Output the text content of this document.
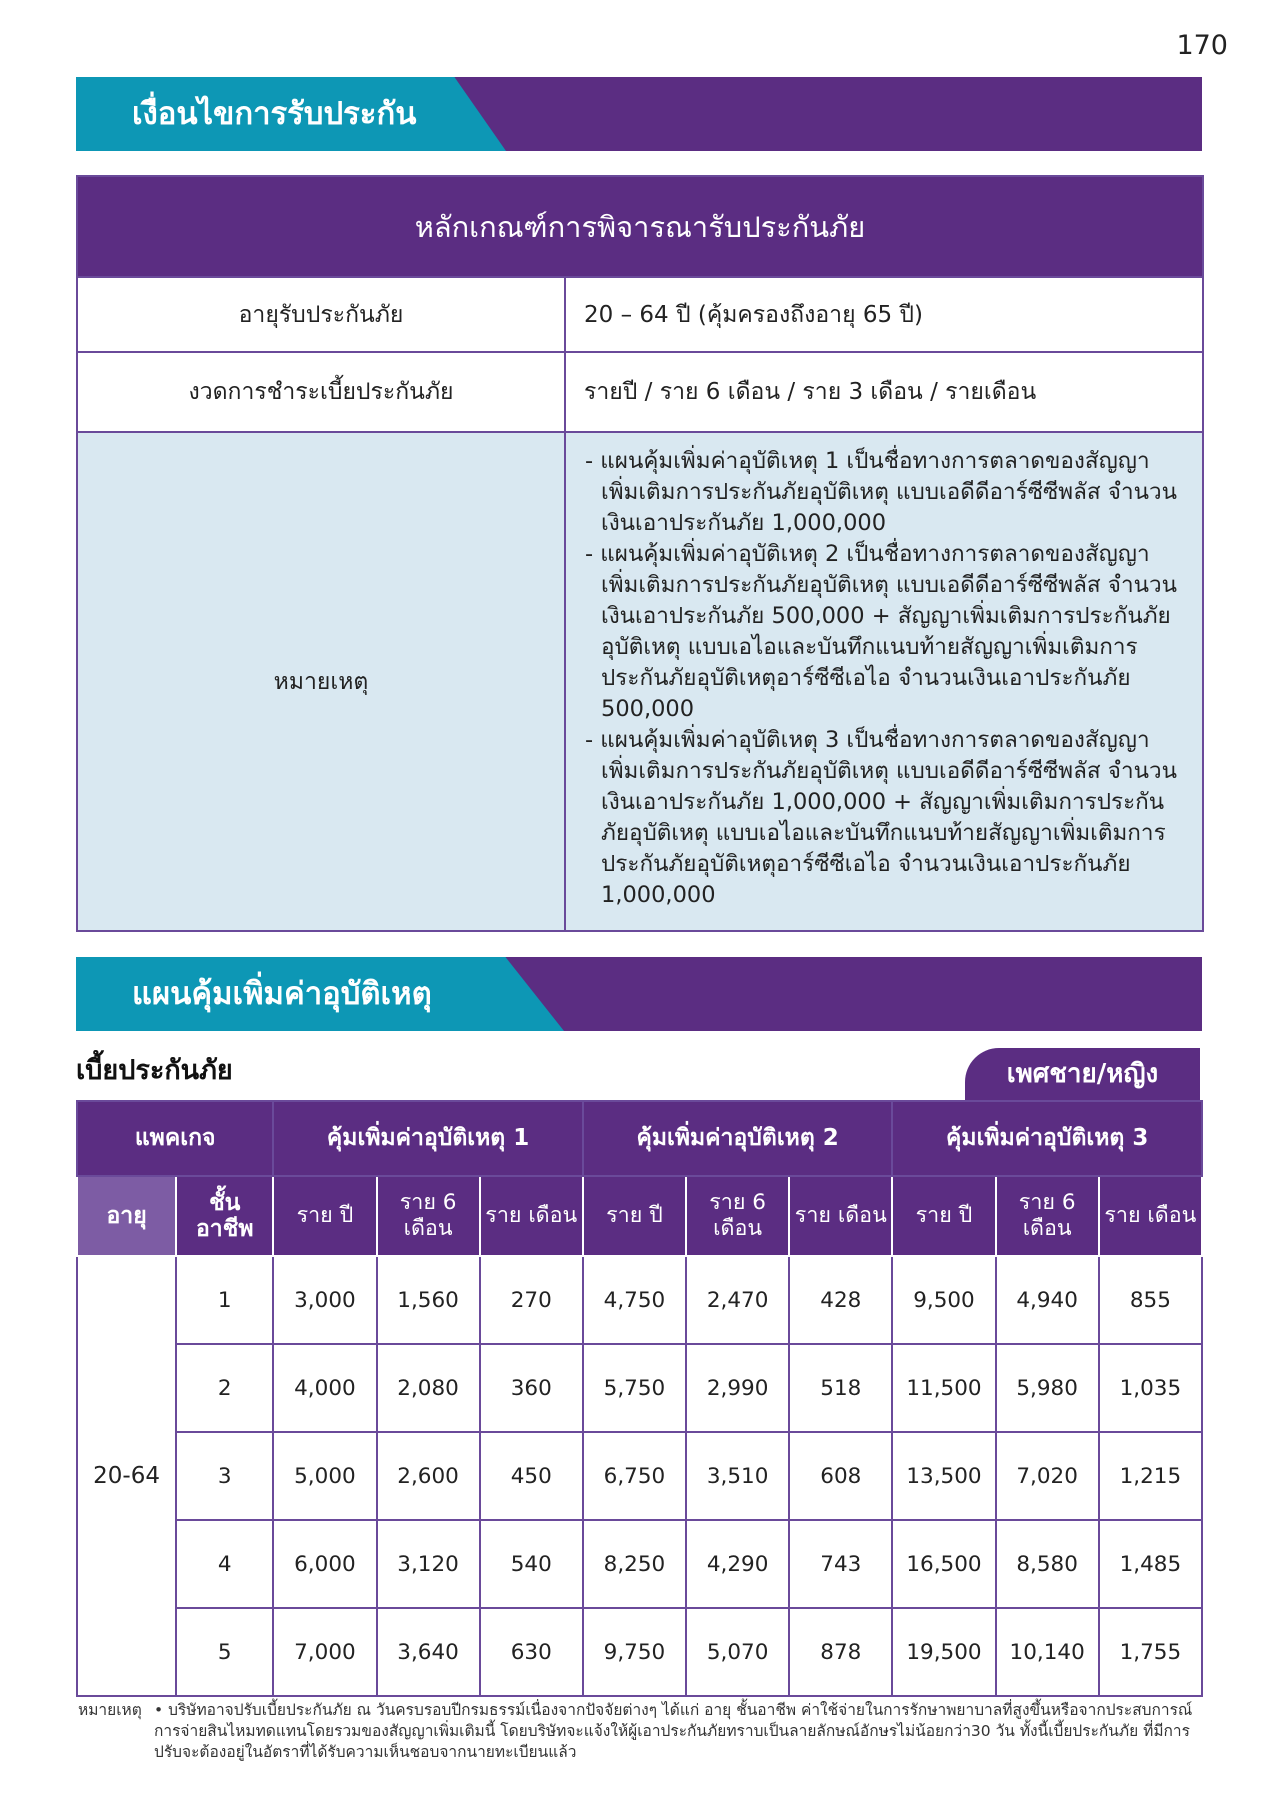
170
เงื่อนไขการรับประกัน
หลักเกณฑ์การพิจารณารับประกันภัย	
อายุรับประกันภัย	20 – 64 ปี (คุ้มครองถึงอายุ 65 ปี)
งวดการชำระเบี้ยประกันภัย	รายปี / ราย 6 เดือน / ราย 3 เดือน / รายเดือน
หมายเหตุ	- แผนคุ้มเพิ่มค่าอุบัติเหตุ 1 เป็นชื่อทางการตลาดของสัญญาเพิ่มเติมการประกันภัยอุบัติเหตุ แบบเอดีดีอาร์ซีซีพลัส จำนวนเงินเอาประกันภัย 1,000,000
- แผนคุ้มเพิ่มค่าอุบัติเหตุ 2 เป็นชื่อทางการตลาดของสัญญาเพิ่มเติมการประกันภัยอุบัติเหตุ แบบเอดีดีอาร์ซีซีพลัส จำนวนเงินเอาประกันภัย 500,000 + สัญญาเพิ่มเติมการประกันภัยอุบัติเหตุ แบบเอไอและบันทึกแนบท้ายสัญญาเพิ่มเติมการประกันภัยอุบัติเหตุอาร์ซีซีเอไอ จำนวนเงินเอาประกันภัย 500,000
- แผนคุ้มเพิ่มค่าอุบัติเหตุ 3 เป็นชื่อทางการตลาดของสัญญาเพิ่มเติมการประกันภัยอุบัติเหตุ แบบเอดีดีอาร์ซีซีพลัส จำนวนเงินเอาประกันภัย 1,000,000 + สัญญาเพิ่มเติมการประกันภัยอุบัติเหตุ แบบเอไอและบันทึกแนบท้ายสัญญาเพิ่มเติมการประกันภัยอุบัติเหตุอาร์ซีซีเอไอ จำนวนเงินเอาประกันภัย 1,000,000
แผนคุ้มเพิ่มค่าอุบัติเหตุ
เบี้ยประกันภัย	เพศชาย/หญิง
แพคเกจ		คุ้มเพิ่มค่าอุบัติเหตุ 1			คุ้มเพิ่มค่าอุบัติเหตุ 2			คุ้มเพิ่มค่าอุบัติเหตุ 3		
อายุ	ชั้น อาชีพ	ราย ปี	ราย 6 เดือน	ราย เดือน	ราย ปี	ราย 6 เดือน	ราย เดือน	ราย ปี	ราย 6 เดือน	ราย เดือน
20-64	1	3,000	1,560	270	4,750	2,470	428	9,500	4,940	855
	2	4,000	2,080	360	5,750	2,990	518	11,500	5,980	1,035
	3	5,000	2,600	450	6,750	3,510	608	13,500	7,020	1,215
	4	6,000	3,120	540	8,250	4,290	743	16,500	8,580	1,485
	5	7,000	3,640	630	9,750	5,070	878	19,500	10,140	1,755
หมายเหตุ • บริษัทอาจปรับเบี้ยประกันภัย ณ วันครบรอบปีกรมธรรม์เนื่องจากปัจจัยต่างๆ ได้แก่ อายุ ชั้นอาชีพ ค่าใช้จ่ายในการรักษาพยาบาลที่สูงขึ้นหรือจากประสบการณ์การจ่ายสินไหมทดแทนโดยรวมของสัญญาเพิ่มเติมนี้ โดยบริษัทจะแจ้งให้ผู้เอาประกันภัยทราบเป็นลายลักษณ์อักษรไม่น้อยกว่า30 วัน ทั้งนี้เบี้ยประกันภัย ที่มีการปรับจะต้องอยู่ในอัตราที่ได้รับความเห็นชอบจากนายทะเบียนแล้ว
